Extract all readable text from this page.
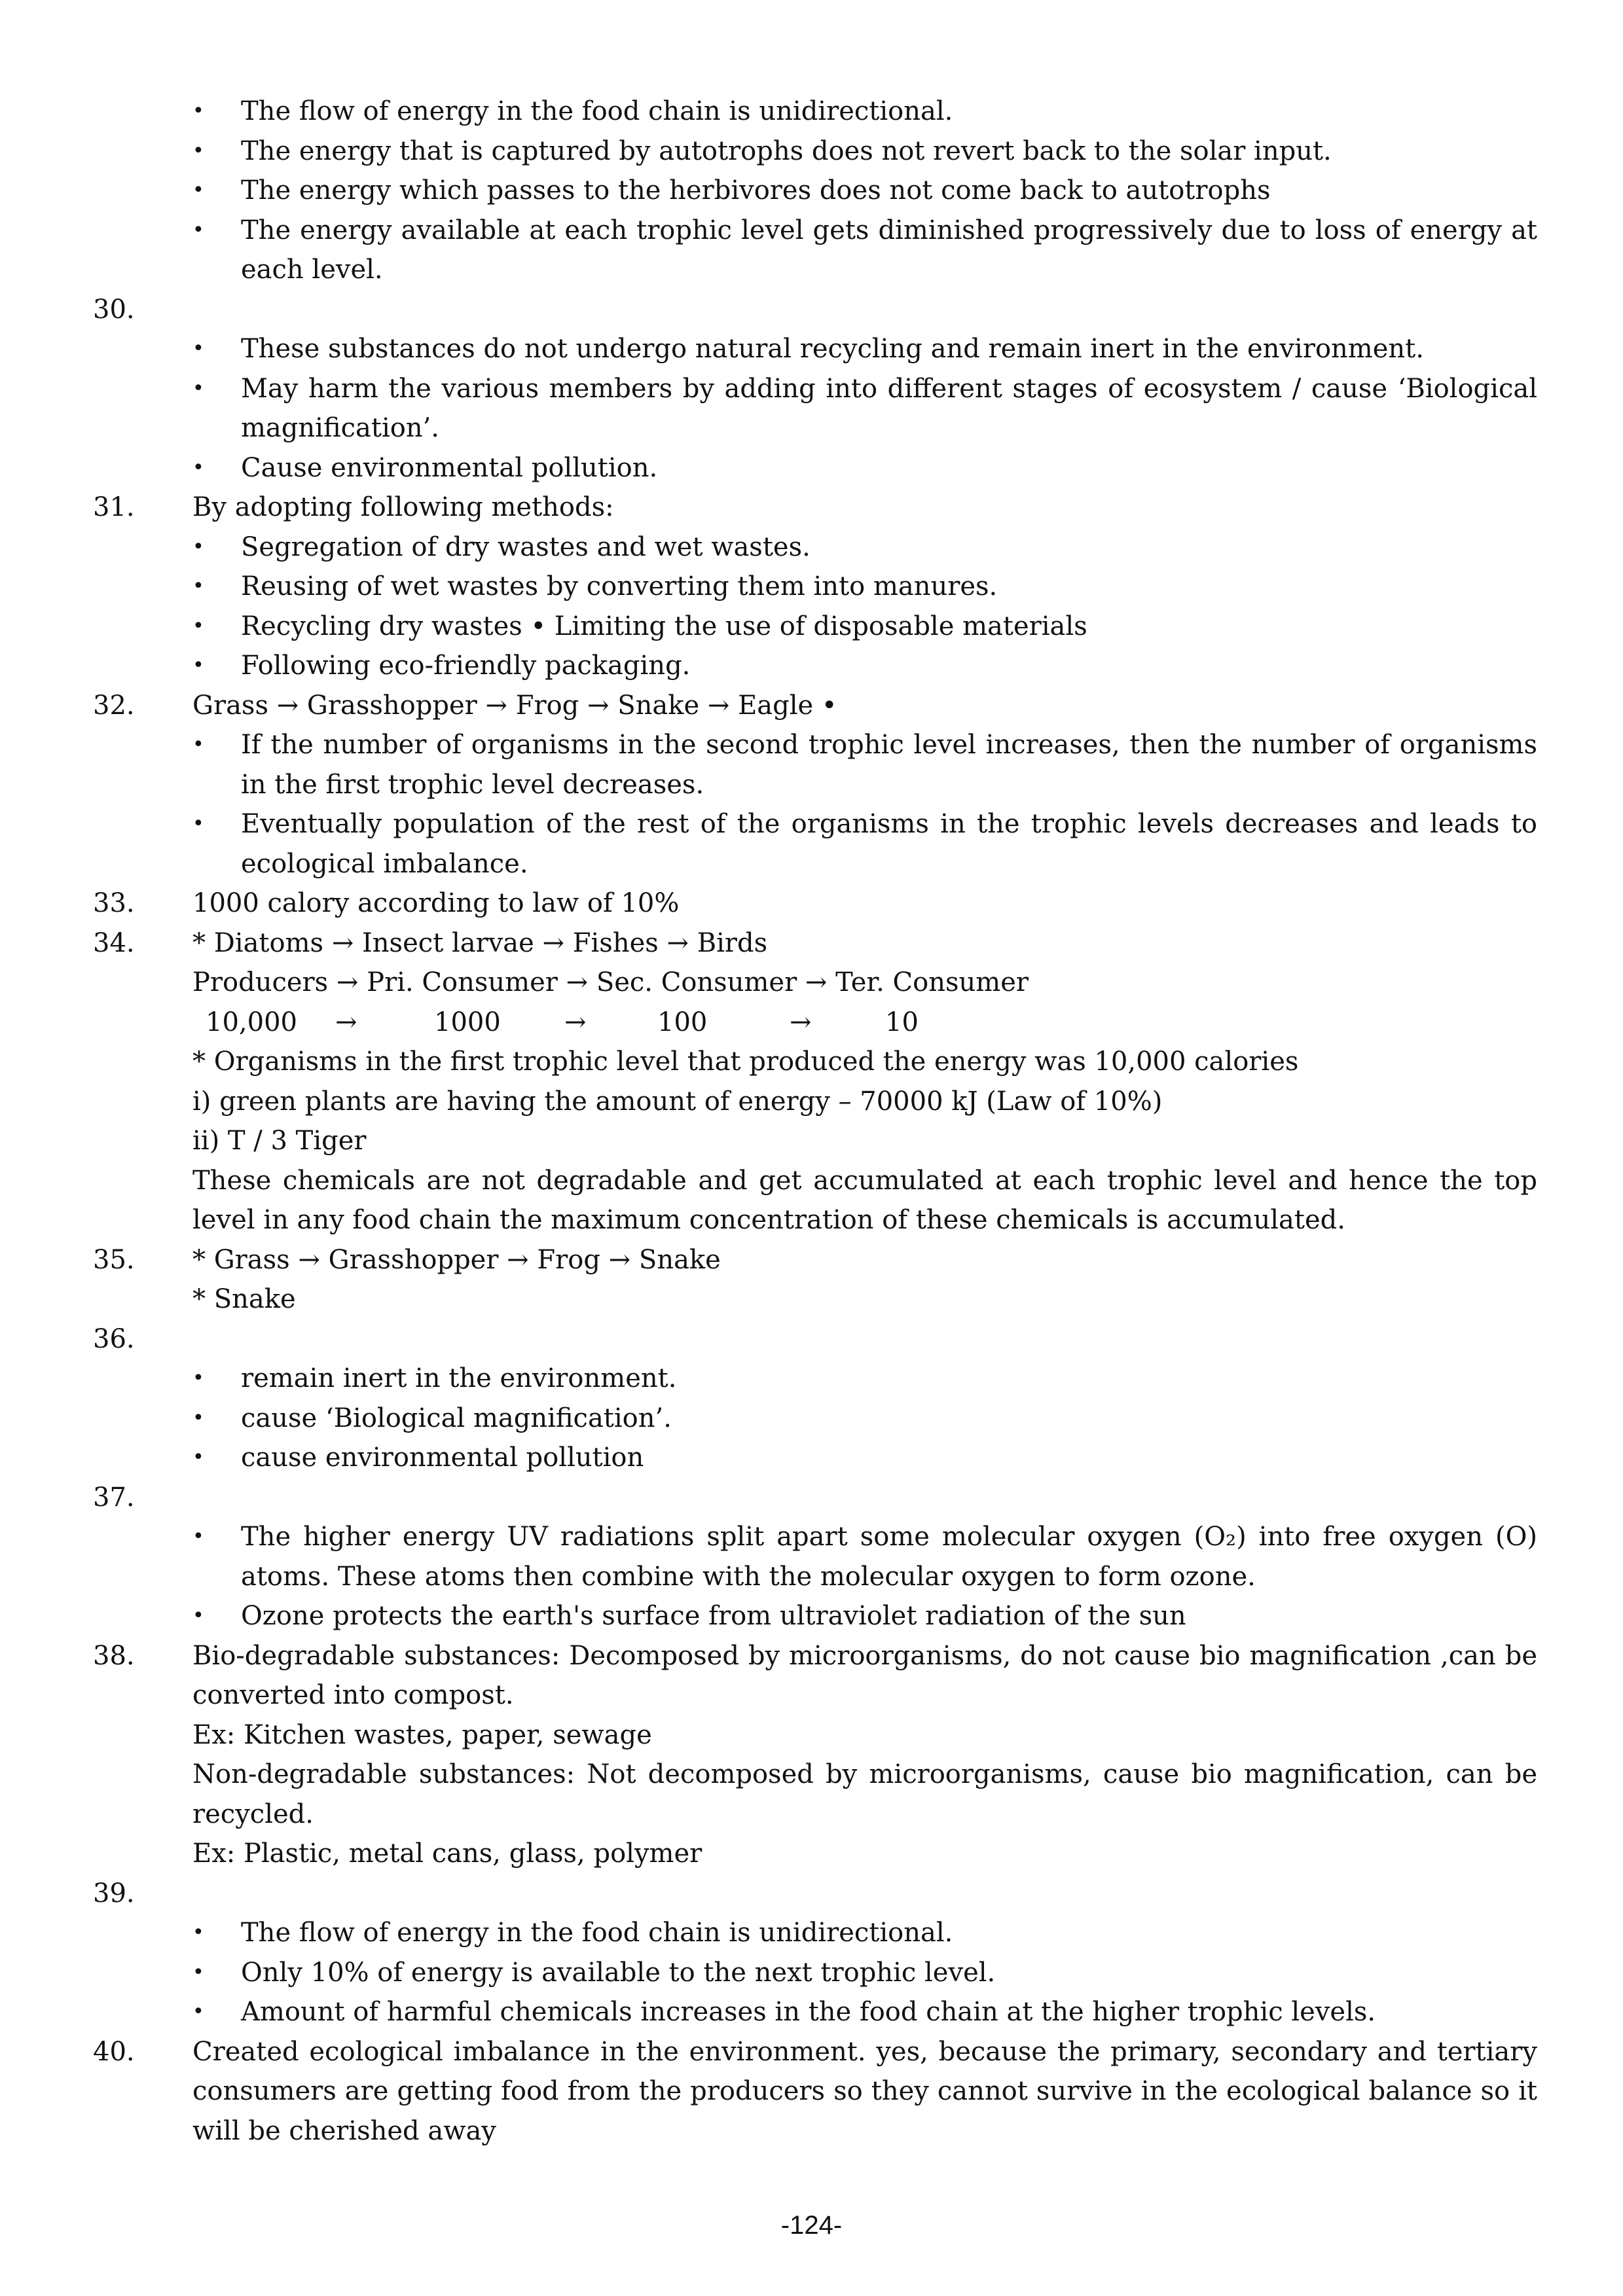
• The flow of energy in the food chain is unidirectional.
• The energy that is captured by autotrophs does not revert back to the solar input.
• The energy which passes to the herbivores does not come back to autotrophs
• The energy available at each trophic level gets diminished progressively due to loss of energy at each level.
30.
• These substances do not undergo natural recycling and remain inert in the environment.
• May harm the various members by adding into different stages of ecosystem / cause ‘Biological magnification’.
• Cause environmental pollution.
31. By adopting following methods:
• Segregation of dry wastes and wet wastes.
• Reusing of wet wastes by converting them into manures.
• Recycling dry wastes • Limiting the use of disposable materials
• Following eco-friendly packaging.
32. Grass → Grasshopper → Frog → Snake → Eagle •
• If the number of organisms in the second trophic level increases, then the number of organisms in the first trophic level decreases.
• Eventually population of the rest of the organisms in the trophic levels decreases and leads to ecological imbalance.
33. 1000 calory according to law of 10%
34. * Diatoms → Insect larvae → Fishes → Birds
Producers → Pri. Consumer → Sec. Consumer → Ter. Consumer
10,000 →	1000 →	100	→	10
* Organisms in the first trophic level that produced the energy was 10,000 calories
i) green plants are having the amount of energy – 70000 kJ (Law of 10%)
ii) T / 3 Tiger
These chemicals are not degradable and get accumulated at each trophic level and hence the top level in any food chain the maximum concentration of these chemicals is accumulated.
35. * Grass → Grasshopper → Frog → Snake
* Snake
36.
• remain inert in the environment.
• cause ‘Biological magnification’.
• cause environmental pollution
37.
• The higher energy UV radiations split apart some molecular oxygen (O₂) into free oxygen (O) atoms. These atoms then combine with the molecular oxygen to form ozone.
• Ozone protects the earth's surface from ultraviolet radiation of the sun
38. Bio-degradable substances: Decomposed by microorganisms, do not cause bio magnification ,can be converted into compost.
Ex: Kitchen wastes, paper, sewage
Non-degradable substances: Not decomposed by microorganisms, cause bio magnification, can be recycled.
Ex: Plastic, metal cans, glass, polymer
39.
• The flow of energy in the food chain is unidirectional.
• Only 10% of energy is available to the next trophic level.
• Amount of harmful chemicals increases in the food chain at the higher trophic levels.
40. Created ecological imbalance in the environment. yes, because the primary, secondary and tertiary consumers are getting food from the producers so they cannot survive in the ecological balance so it will be cherished away
-124-
